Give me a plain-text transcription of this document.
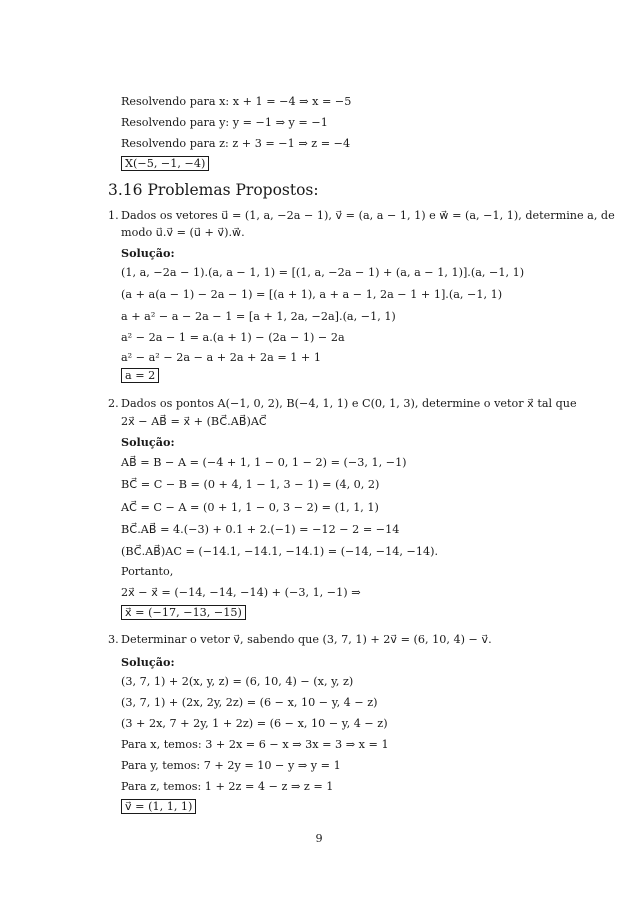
Resolvendo para x: x + 1 = −4 ⇒ x = −5
Resolvendo para y: y = −1 ⇒ y = −1
Resolvendo para z: z + 3 = −1 ⇒ z = −4
X(−5, −1, −4)
3.16 Problemas Propostos:
1. Dados os vetores u⃗ = (1, a, −2a − 1), v⃗ = (a, a − 1, 1) e w⃗ = (a, −1, 1), determine a, de
modo u⃗.v⃗ = (u⃗ + v⃗).w⃗.
Solução:
(1, a, −2a − 1).(a, a − 1, 1) = [(1, a, −2a − 1) + (a, a − 1, 1)].(a, −1, 1)
(a + a(a − 1) − 2a − 1) = [(a + 1), a + a − 1, 2a − 1 + 1].(a, −1, 1)
a + a² − a − 2a − 1 = [a + 1, 2a, −2a].(a, −1, 1)
a² − 2a − 1 = a.(a + 1) − (2a − 1) − 2a
a² − a² − 2a − a + 2a + 2a = 1 + 1
a = 2
2. Dados os pontos A(−1, 0, 2), B(−4, 1, 1) e C(0, 1, 3), determine o vetor x⃗ tal que
2x⃗ − AB⃗ = x⃗ + (BC⃗.AB⃗)AC⃗
Solução:
AB⃗ = B − A = (−4 + 1, 1 − 0, 1 − 2) = (−3, 1, −1)
BC⃗ = C − B = (0 + 4, 1 − 1, 3 − 1) = (4, 0, 2)
AC⃗ = C − A = (0 + 1, 1 − 0, 3 − 2) = (1, 1, 1)
BC⃗.AB⃗ = 4.(−3) + 0.1 + 2.(−1) = −12 − 2 = −14
(BC⃗.AB⃗)AC = (−14.1, −14.1, −14.1) = (−14, −14, −14).
Portanto,
2x⃗ − x⃗ = (−14, −14, −14) + (−3, 1, −1) ⇒
x⃗ = (−17, −13, −15)
3. Determinar o vetor v⃗, sabendo que (3, 7, 1) + 2v⃗ = (6, 10, 4) − v⃗.
Solução:
(3, 7, 1) + 2(x, y, z) = (6, 10, 4) − (x, y, z)
(3, 7, 1) + (2x, 2y, 2z) = (6 − x, 10 − y, 4 − z)
(3 + 2x, 7 + 2y, 1 + 2z) = (6 − x, 10 − y, 4 − z)
Para x, temos: 3 + 2x = 6 − x ⇒ 3x = 3 ⇒ x = 1
Para y, temos: 7 + 2y = 10 − y ⇒ y = 1
Para z, temos: 1 + 2z = 4 − z ⇒ z = 1
v⃗ = (1, 1, 1)
9
